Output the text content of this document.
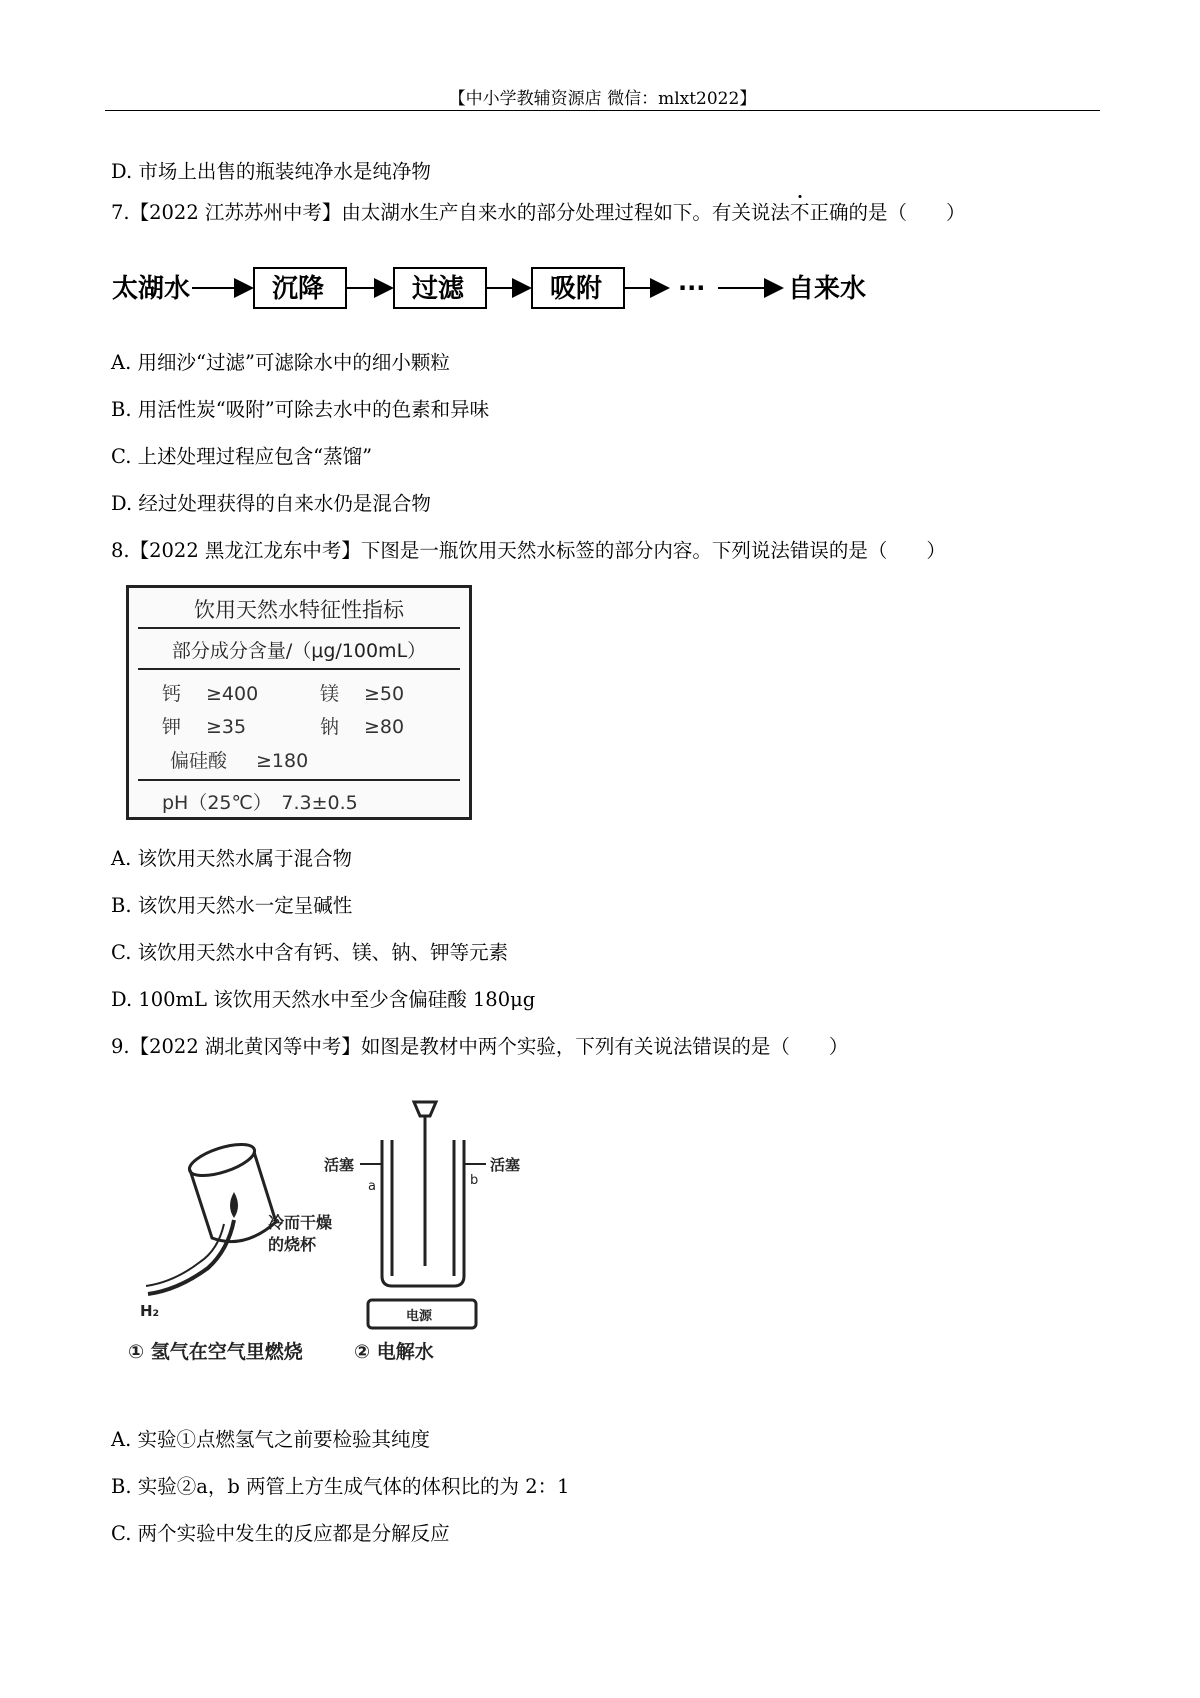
【中小学教辅资源店 微信：mlxt2022】
D. 市场上出售的瓶装纯净水是纯净物
7.【2022 江苏苏州中考】由太湖水生产自来水的部分处理过程如下。有关说法不正确的是（　　）
太湖水	沉降	过滤	吸附	···	自来水
A. 用细沙“过滤”可滤除水中的细小颗粒
B. 用活性炭“吸附”可除去水中的色素和异味
C. 上述处理过程应包含“蒸馏”
D. 经过处理获得的自来水仍是混合物
8.【2022 黑龙江龙东中考】下图是一瓶饮用天然水标签的部分内容。下列说法错误的是（　　）
饮用天然水特征性指标
部分成分含量/（μg/100mL）
钙 ≥400	镁 ≥50
钾 ≥35	钠 ≥80
偏硅酸 ≥180
pH（25℃）　7.3±0.5
A. 该饮用天然水属于混合物
B. 该饮用天然水一定呈碱性
C. 该饮用天然水中含有钙、镁、钠、钾等元素
D. 100mL 该饮用天然水中至少含偏硅酸 180μg
9.【2022 湖北黄冈等中考】如图是教材中两个实验，下列有关说法错误的是（　　）
冷而干燥
的烧杯
H₂
活塞	活塞
a	b
电源
① 氢气在空气里燃烧	② 电解水
A. 实验①点燃氢气之前要检验其纯度
B. 实验②a，b 两管上方生成气体的体积比的为 2：1
C. 两个实验中发生的反应都是分解反应
